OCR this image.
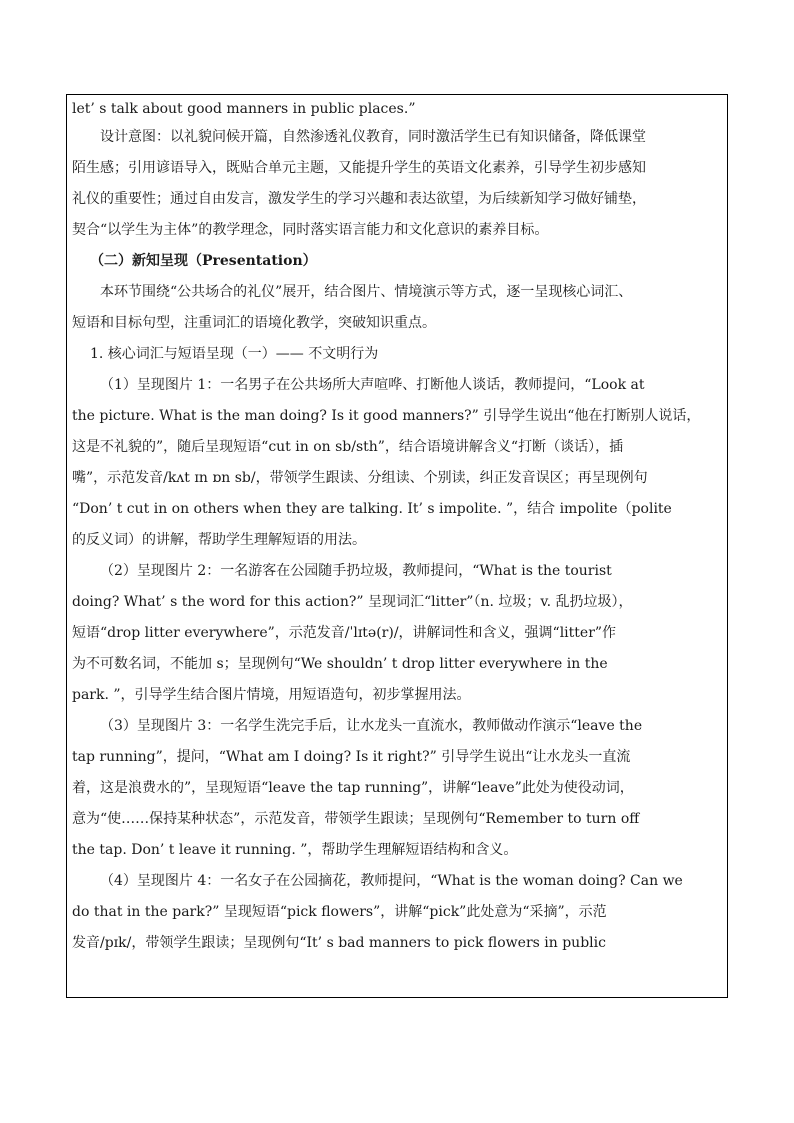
let’ s talk about good manners in public places.”
设计意图：以礼貌问候开篇，自然渗透礼仪教育，同时激活学生已有知识储备，降低课堂
陌生感；引用谚语导入，既贴合单元主题，又能提升学生的英语文化素养，引导学生初步感知
礼仪的重要性；通过自由发言，激发学生的学习兴趣和表达欲望，为后续新知学习做好铺垫，
契合“以学生为主体”的教学理念，同时落实语言能力和文化意识的素养目标。
（二）新知呈现（Presentation）
本环节围绕“公共场合的礼仪”展开，结合图片、情境演示等方式，逐一呈现核心词汇、
短语和目标句型，注重词汇的语境化教学，突破知识重点。
1. 核心词汇与短语呈现（一）—— 不文明行为
（1）呈现图片 1：一名男子在公共场所大声喧哗、打断他人谈话，教师提问，“Look at
the picture. What is the man doing? Is it good manners?” 引导学生说出“他在打断别人说话，
这是不礼貌的”，随后呈现短语“cut in on sb/sth”，结合语境讲解含义“打断（谈话），插
嘴”，示范发音/kʌt ɪn ɒn sb/，带领学生跟读、分组读、个别读，纠正发音误区；再呈现例句
“Don’ t cut in on others when they are talking. It’ s impolite. ”，结合 impolite（polite
的反义词）的讲解，帮助学生理解短语的用法。
（2）呈现图片 2：一名游客在公园随手扔垃圾，教师提问，“What is the tourist
doing? What’ s the word for this action?” 呈现词汇“litter”（n. 垃圾；v. 乱扔垃圾），
短语“drop litter everywhere”，示范发音/ˈlɪtə(r)/，讲解词性和含义，强调“litter”作
为不可数名词，不能加 s；呈现例句“We shouldn’ t drop litter everywhere in the
park. ”，引导学生结合图片情境，用短语造句，初步掌握用法。
（3）呈现图片 3：一名学生洗完手后，让水龙头一直流水，教师做动作演示“leave the
tap running”，提问，“What am I doing? Is it right?” 引导学生说出“让水龙头一直流
着，这是浪费水的”，呈现短语“leave the tap running”，讲解“leave”此处为使役动词，
意为“使……保持某种状态”，示范发音，带领学生跟读；呈现例句“Remember to turn off
the tap. Don’ t leave it running. ”，帮助学生理解短语结构和含义。
（4）呈现图片 4：一名女子在公园摘花，教师提问，“What is the woman doing? Can we
do that in the park?” 呈现短语“pick flowers”，讲解“pick”此处意为“采摘”，示范
发音/pɪk/，带领学生跟读；呈现例句“It’ s bad manners to pick flowers in public
